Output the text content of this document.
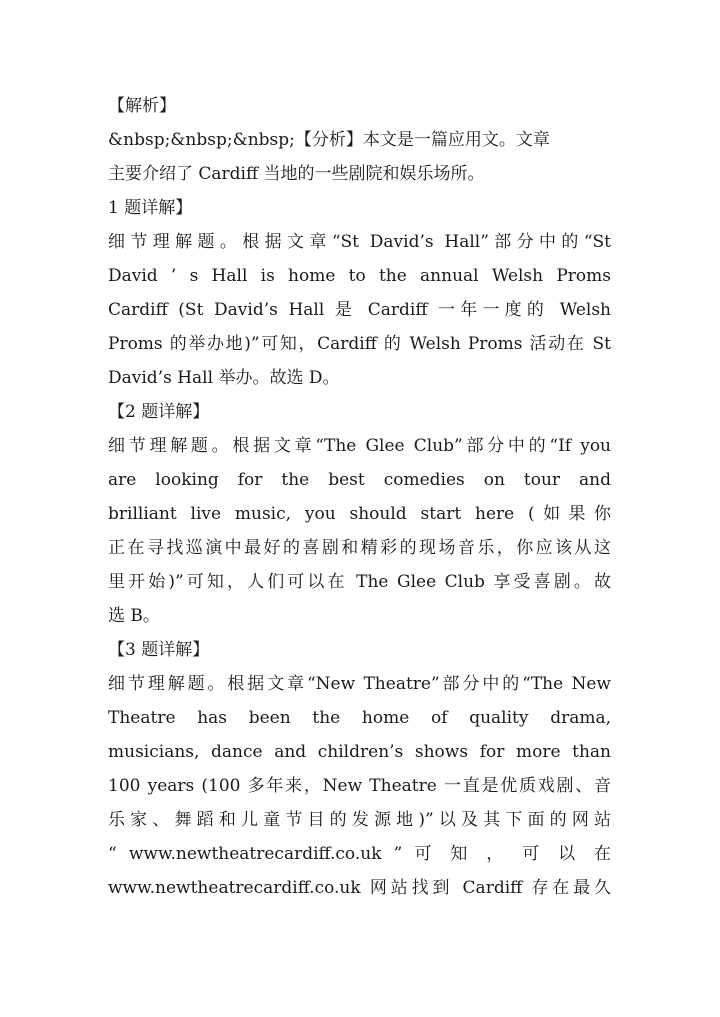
【解析】
&nbsp;&nbsp;&nbsp;【分析】本文是一篇应用文。文章
主要介绍了 Cardiff 当地的一些剧院和娱乐场所。
1 题详解】
细节理解题。根据文章“St David’s Hall”部分中的“St
David ’ s Hall is home to the annual Welsh Proms
Cardiff (St David’s Hall 是 Cardiff 一年一度的 Welsh
Proms 的举办地)”可知，Cardiff 的 Welsh Proms 活动在 St
David’s Hall 举办。故选 D。
【2 题详解】
细节理解题。根据文章“The Glee Club”部分中的“If you
are looking for the best comedies on tour and
brilliant live music, you should start here (如果你
正在寻找巡演中最好的喜剧和精彩的现场音乐，你应该从这
里开始)”可知，人们可以在 The Glee Club 享受喜剧。故
选 B。
【3 题详解】
细节理解题。根据文章“New Theatre”部分中的“The New
Theatre has been the home of quality drama,
musicians, dance and children’s shows for more than
100 years (100 多年来，New Theatre 一直是优质戏剧、音
乐家、舞蹈和儿童节目的发源地)”以及其下面的网站
“ www.newtheatrecardiff.co.uk ” 可 知 ， 可 以 在
www.newtheatrecardiff.co.uk 网站找到 Cardiff 存在最久
